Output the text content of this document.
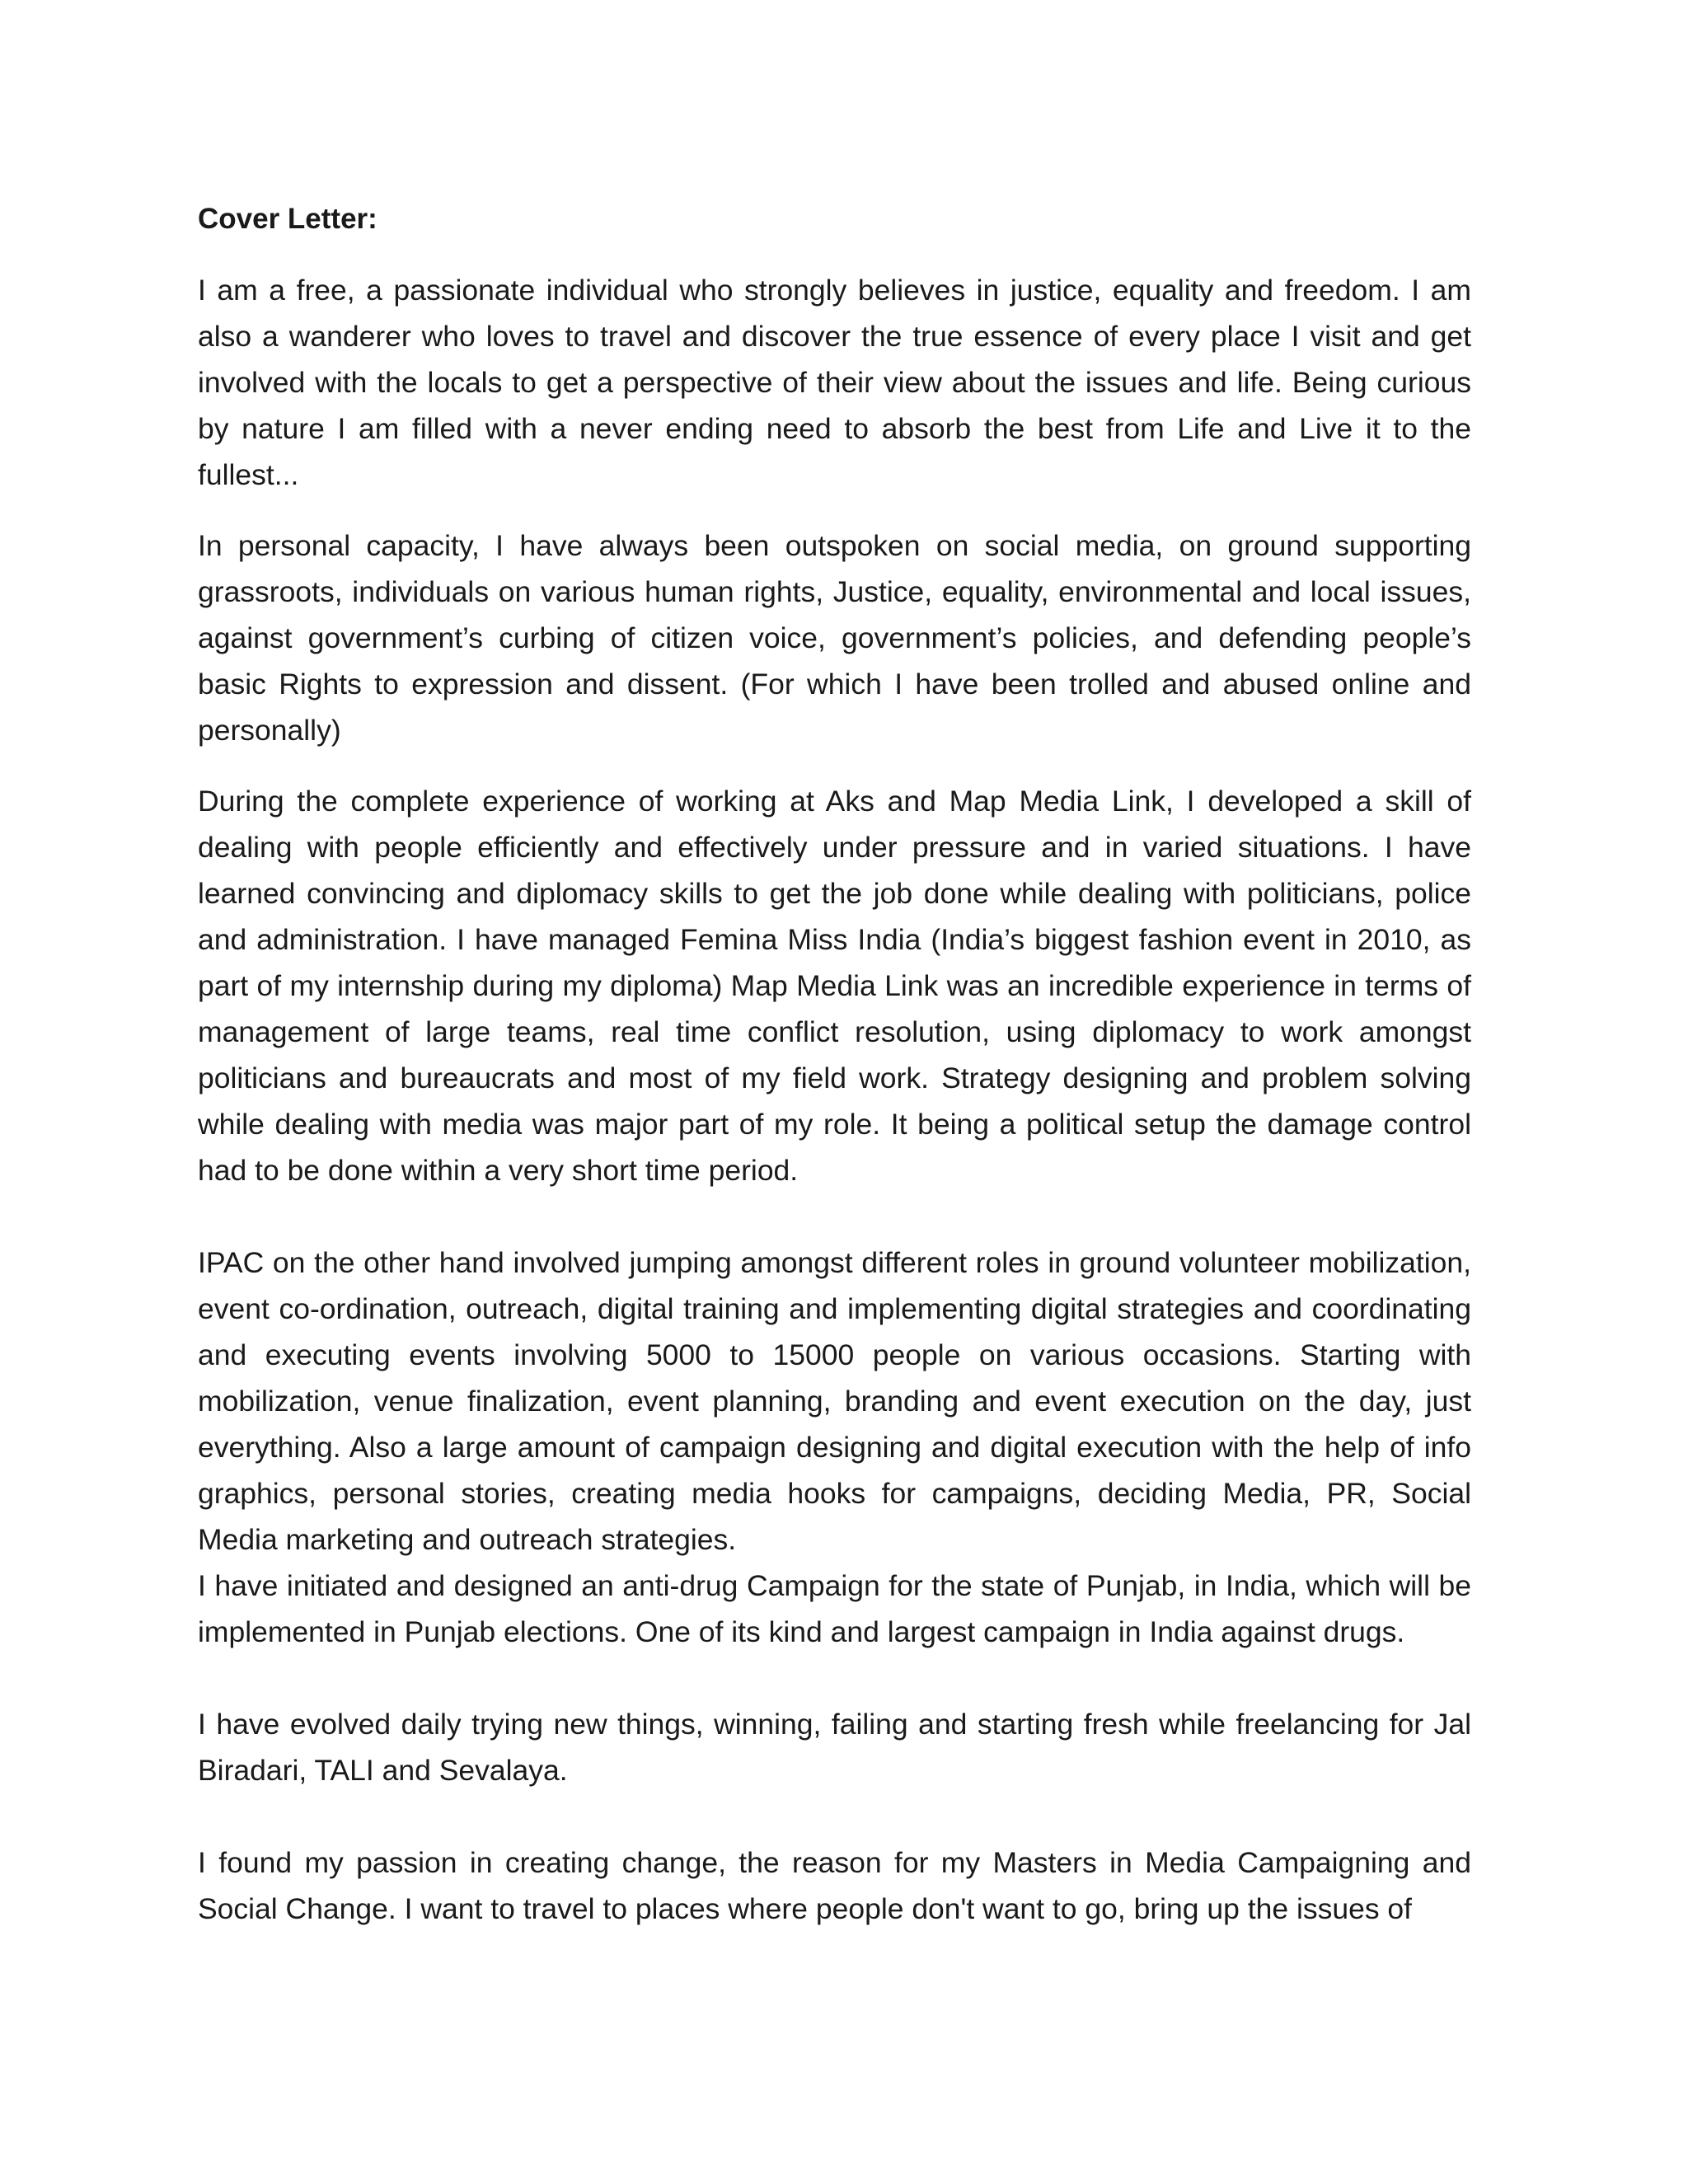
Cover Letter:

I am a free, a passionate individual who strongly believes in justice, equality and freedom. I am also a wanderer who loves to travel and discover the true essence of every place I visit and get involved with the locals to get a perspective of their view about the issues and life. Being curious by nature I am filled with a never ending need to absorb the best from Life and Live it to the fullest...

In personal capacity, I have always been outspoken on social media, on ground supporting grassroots, individuals on various human rights, Justice, equality, environmental and local issues, against government’s curbing of citizen voice, government’s policies, and defending people’s basic Rights to expression and dissent. (For which I have been trolled and abused online and personally)

During the complete experience of working at Aks and Map Media Link, I developed a skill of dealing with people efficiently and effectively under pressure and in varied situations. I have learned convincing and diplomacy skills to get the job done while dealing with politicians, police and administration. I have managed Femina Miss India (India’s biggest fashion event in 2010, as part of my internship during my diploma) Map Media Link was an incredible experience in terms of management of large teams, real time conflict resolution, using diplomacy to work amongst politicians and bureaucrats and most of my field work. Strategy designing and problem solving while dealing with media was major part of my role. It being a political setup the damage control had to be done within a very short time period.

IPAC on the other hand involved jumping amongst different roles in ground volunteer mobilization, event co-ordination, outreach, digital training and implementing digital strategies and coordinating and executing events involving 5000 to 15000 people on various occasions. Starting with mobilization, venue finalization, event planning, branding and event execution on the day, just everything. Also a large amount of campaign designing and digital execution with the help of info graphics, personal stories, creating media hooks for campaigns, deciding Media, PR, Social Media marketing and outreach strategies.

I have initiated and designed an anti-drug Campaign for the state of Punjab, in India, which will be implemented in Punjab elections. One of its kind and largest campaign in India against drugs.

I have evolved daily trying new things, winning, failing and starting fresh while freelancing for Jal Biradari, TALI and Sevalaya.

I found my passion in creating change, the reason for my Masters in Media Campaigning and Social Change. I want to travel to places where people don't want to go, bring up the issues of
